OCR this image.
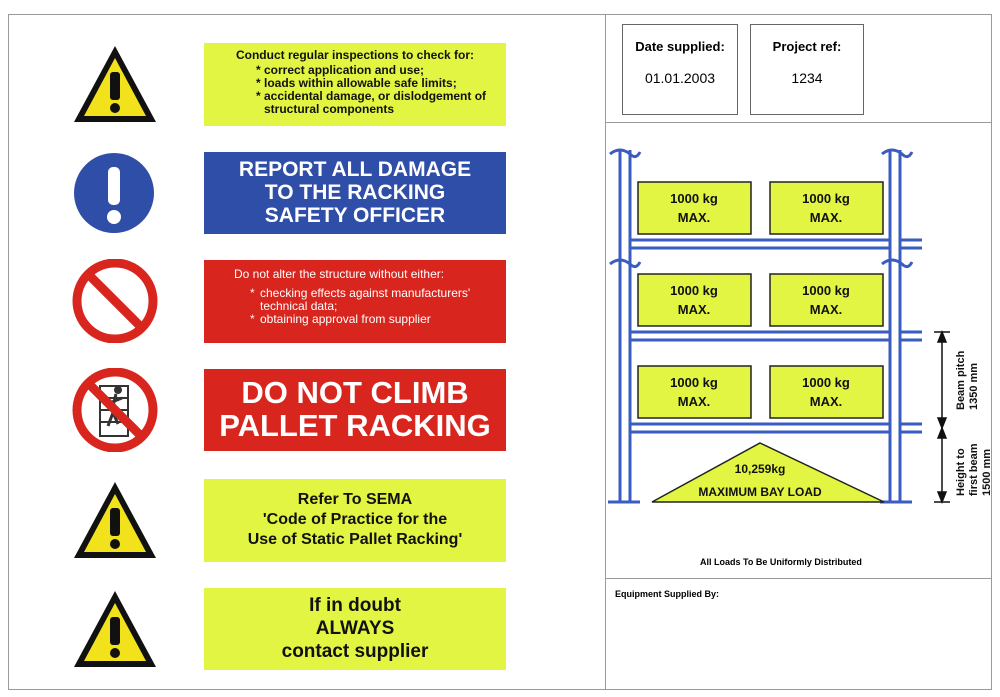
Conduct regular inspections to check for:
* correct application and use;
* loads within allowable safe limits;
* accidental damage, or dislodgement of
structural components
REPORT ALL DAMAGE
TO THE RACKING
SAFETY OFFICER
Do not alter the structure without either:
* checking effects against manufacturers'
technical data;
* obtaining approval from supplier
DO NOT CLIMB
PALLET RACKING
Refer To SEMA
'Code of Practice for the
Use of Static Pallet Racking'
If in doubt
ALWAYS
contact supplier
Date supplied:
01.01.2003
Project ref:
1234
1000 kg
MAX.
1000 kg
MAX.
1000 kg
MAX.
1000 kg
MAX.
1000 kg
MAX.
1000 kg
MAX.
10,259kg
MAXIMUM BAY LOAD
Beam pitch 1350 mm
Height to first beam 1500 mm
All Loads To Be Uniformly Distributed
Equipment Supplied By:
